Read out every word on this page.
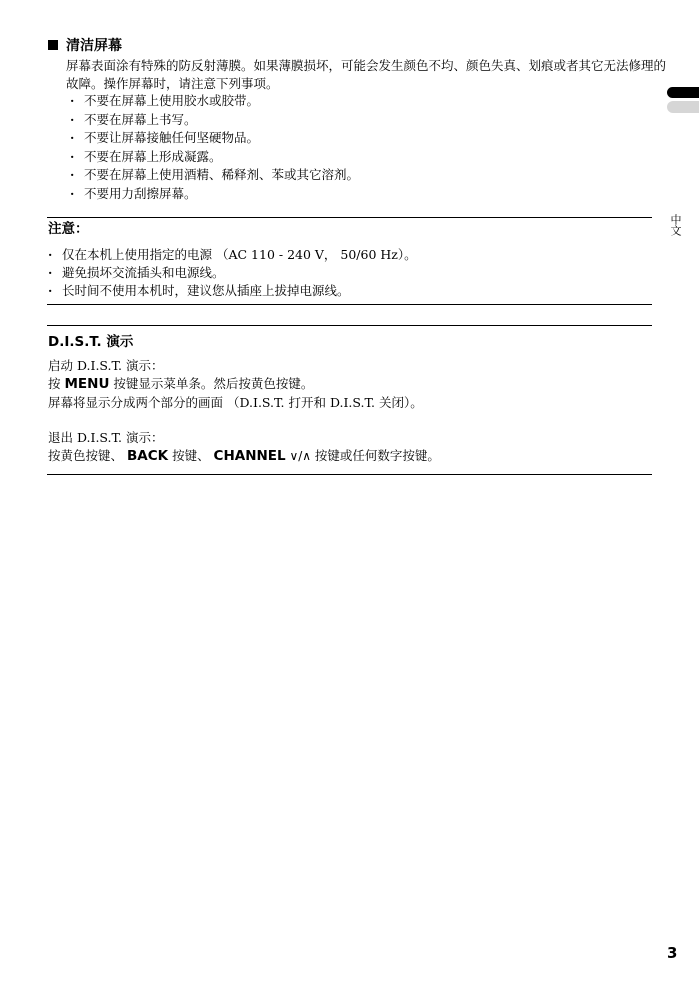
清洁屏幕
屏幕表面涂有特殊的防反射薄膜。如果薄膜损坏，可能会发生颜色不均、颜色失真、划痕或者其它无法修理的故障。操作屏幕时，请注意下列事项。
· 不要在屏幕上使用胶水或胶带。
· 不要在屏幕上书写。
· 不要让屏幕接触任何坚硬物品。
· 不要在屏幕上形成凝露。
· 不要在屏幕上使用酒精、稀释剂、苯或其它溶剂。
· 不要用力刮擦屏幕。
注意：
· 仅在本机上使用指定的电源 （AC 110 - 240 V， 50/60 Hz）。
· 避免损坏交流插头和电源线。
· 长时间不使用本机时，建议您从插座上拔掉电源线。
D.I.S.T. 演示
启动 D.I.S.T. 演示：
按 MENU 按键显示菜单条。然后按黄色按键。
屏幕将显示分成两个部分的画面 （D.I.S.T. 打开和 D.I.S.T. 关闭）。
退出 D.I.S.T. 演示：
按黄色按键、 BACK 按键、 CHANNEL ∨/∧ 按键或任何数字按键。
中文
3
